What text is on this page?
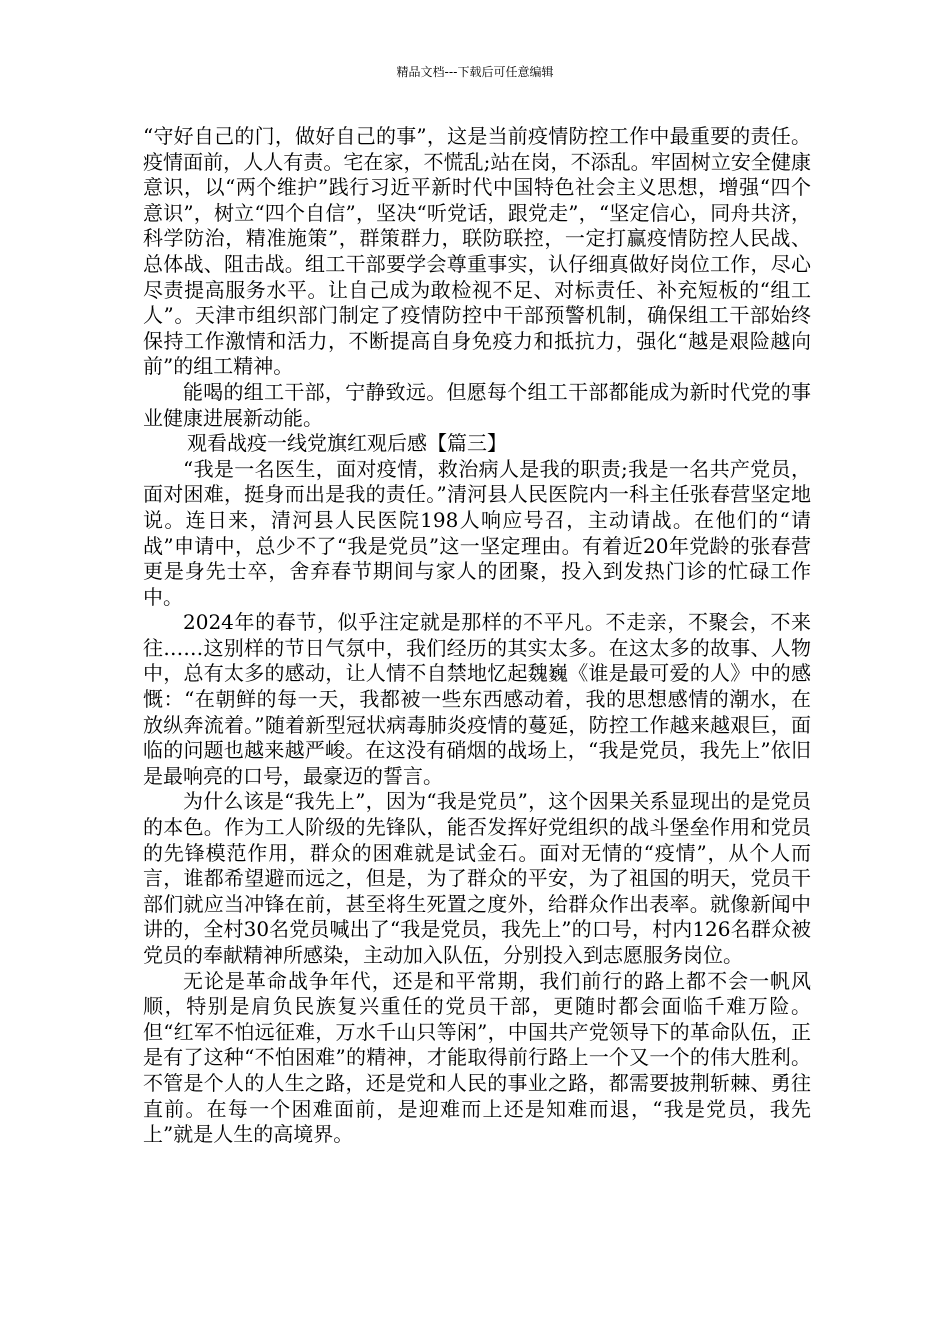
精品文档---下载后可任意编辑

“守好自己的门，做好自己的事”，这是当前疫情防控工作中最重要的责任。疫情面前，人人有责。宅在家，不慌乱;站在岗，不添乱。牢固树立安全健康意识，以“两个维护”践行习近平新时代中国特色社会主义思想，增强“四个意识”，树立“四个自信”，坚决“听党话，跟党走”，“坚定信心，同舟共济，科学防治，精准施策”，群策群力，联防联控，一定打赢疫情防控人民战、总体战、阻击战。组工干部要学会尊重事实，认仔细真做好岗位工作，尽心尽责提高服务水平。让自己成为敢检视不足、对标责任、补充短板的“组工人”。天津市组织部门制定了疫情防控中干部预警机制，确保组工干部始终保持工作激情和活力，不断提高自身免疫力和抵抗力，强化“越是艰险越向前”的组工精神。

能喝的组工干部，宁静致远。但愿每个组工干部都能成为新时代党的事业健康进展新动能。

观看战疫一线党旗红观后感【篇三】

“我是一名医生，面对疫情，救治病人是我的职责;我是一名共产党员，面对困难，挺身而出是我的责任。”清河县人民医院内一科主任张春营坚定地说。连日来，清河县人民医院198人响应号召，主动请战。在他们的“请战”申请中，总少不了“我是党员”这一坚定理由。有着近20年党龄的张春营更是身先士卒，舍弃春节期间与家人的团聚，投入到发热门诊的忙碌工作中。

2024年的春节，似乎注定就是那样的不平凡。不走亲，不聚会，不来往……这别样的节日气氛中，我们经历的其实太多。在这太多的故事、人物中，总有太多的感动，让人情不自禁地忆起魏巍《谁是最可爱的人》中的感慨：“在朝鲜的每一天，我都被一些东西感动着，我的思想感情的潮水，在放纵奔流着。”随着新型冠状病毒肺炎疫情的蔓延，防控工作越来越艰巨，面临的问题也越来越严峻。在这没有硝烟的战场上，“我是党员，我先上”依旧是最响亮的口号，最豪迈的誓言。

为什么该是“我先上”，因为“我是党员”，这个因果关系显现出的是党员的本色。作为工人阶级的先锋队，能否发挥好党组织的战斗堡垒作用和党员的先锋模范作用，群众的困难就是试金石。面对无情的“疫情”，从个人而言，谁都希望避而远之，但是，为了群众的平安，为了祖国的明天，党员干部们就应当冲锋在前，甚至将生死置之度外，给群众作出表率。就像新闻中讲的，全村30名党员喊出了“我是党员，我先上”的口号，村内126名群众被党员的奉献精神所感染，主动加入队伍，分别投入到志愿服务岗位。

无论是革命战争年代，还是和平常期，我们前行的路上都不会一帆风顺，特别是肩负民族复兴重任的党员干部，更随时都会面临千难万险。但“红军不怕远征难，万水千山只等闲”，中国共产党领导下的革命队伍，正是有了这种“不怕困难”的精神，才能取得前行路上一个又一个的伟大胜利。不管是个人的人生之路，还是党和人民的事业之路，都需要披荆斩棘、勇往直前。在每一个困难面前，是迎难而上还是知难而退，“我是党员，我先上”就是人生的高境界。
